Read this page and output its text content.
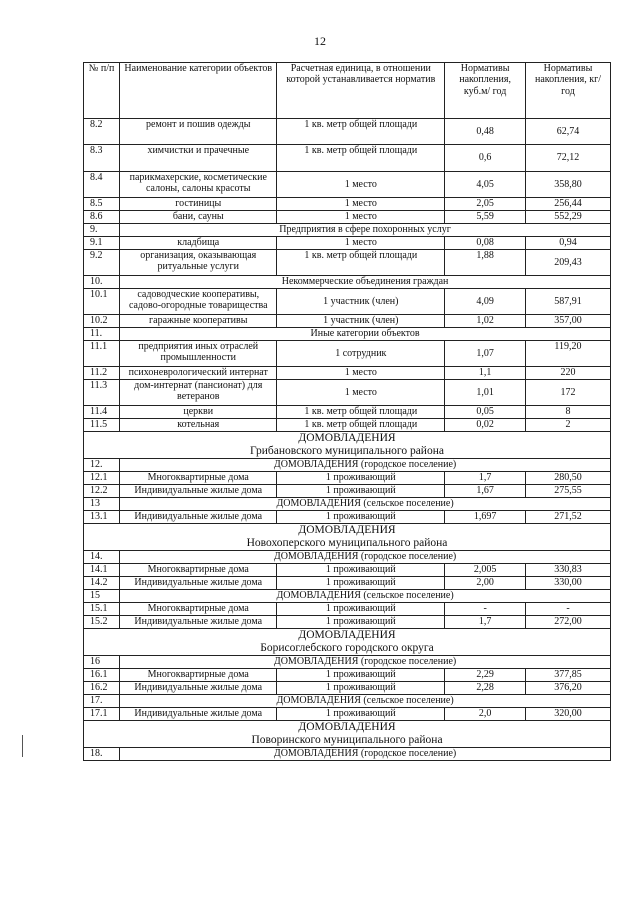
12
№ п/п	Наименование категории объектов	Расчетная единица, в отношении которой устанавливается норматив	Нормативы накопления, куб.м/ год	Нормативы накопления, кг/ год
8.2	ремонт и пошив одежды	1 кв. метр общей площади	0,48	62,74
8.3	химчистки и прачечные	1 кв. метр общей площади	0,6	72,12
8.4	парикмахерские, косметические салоны, салоны красоты	1 место	4,05	358,80
8.5	гостиницы	1 место	2,05	256,44
8.6	бани, сауны	1 место	5,59	552,29
9.	Предприятия в сфере похоронных услуг			
9.1	кладбища	1 место	0,08	0,94
9.2	организация, оказывающая ритуальные услуги	1 кв. метр общей площади	1,88	209,43
10.	Некоммерческие объединения граждан			
10.1	садоводческие кооперативы, садово-огородные товарищества	1 участник (член)	4,09	587,91
10.2	гаражные кооперативы	1 участник (член)	1,02	357,00
11.	Иные категории объектов			
11.1	предприятия иных отраслей промышленности	1 сотрудник	1,07	119,20
11.2	психоневрологический интернат	1 место	1,1	220
11.3	дом-интернат (пансионат) для ветеранов	1 место	1,01	172
11.4	церкви	1 кв. метр общей площади	0,05	8
11.5	котельная	1 кв. метр общей площади	0,02	2

ДОМОВЛАДЕНИЯ
Грибановского муниципального района				

12.	ДОМОВЛАДЕНИЯ (городское поселение)			
12.1	Многоквартирные дома	1 проживающий	1,7	280,50
12.2	Индивидуальные жилые дома	1 проживающий	1,67	275,55
13	ДОМОВЛАДЕНИЯ (сельское поселение)			
13.1	Индивидуальные жилые дома	1 проживающий	1,697	271,52

ДОМОВЛАДЕНИЯ
Новохоперского муниципального района				

14.	ДОМОВЛАДЕНИЯ (городское поселение)			
14.1	Многоквартирные дома	1 проживающий	2,005	330,83
14.2	Индивидуальные жилые дома	1 проживающий	2,00	330,00
15	ДОМОВЛАДЕНИЯ (сельское поселение)			
15.1	Многоквартирные дома	1 проживающий	-	-
15.2	Индивидуальные жилые дома	1 проживающий	1,7	272,00

ДОМОВЛАДЕНИЯ
Борисоглебского городского округа				

16	ДОМОВЛАДЕНИЯ (городское поселение)			
16.1	Многоквартирные дома	1 проживающий	2,29	377,85
16.2	Индивидуальные жилые дома	1 проживающий	2,28	376,20
17.	ДОМОВЛАДЕНИЯ (сельское поселение)			
17.1	Индивидуальные жилые дома	1 проживающий	2,0	320,00

ДОМОВЛАДЕНИЯ
Поворинского муниципального района				

18.	ДОМОВЛАДЕНИЯ (городское поселение)			
